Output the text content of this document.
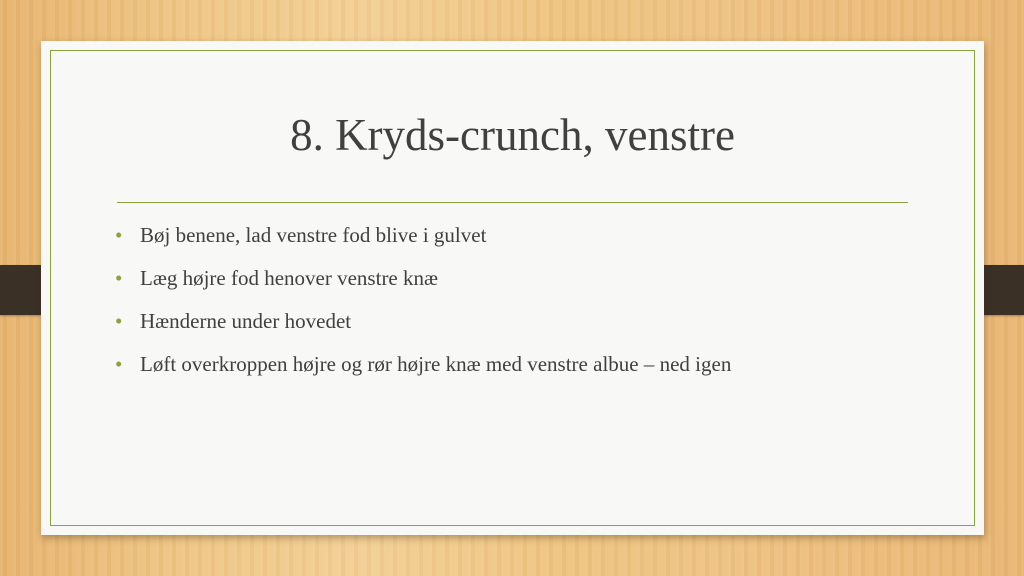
8. Kryds-crunch, venstre
• Bøj benene, lad venstre fod blive i gulvet
• Læg højre fod henover venstre knæ
• Hænderne under hovedet
• Løft overkroppen højre og rør højre knæ med venstre albue – ned igen
